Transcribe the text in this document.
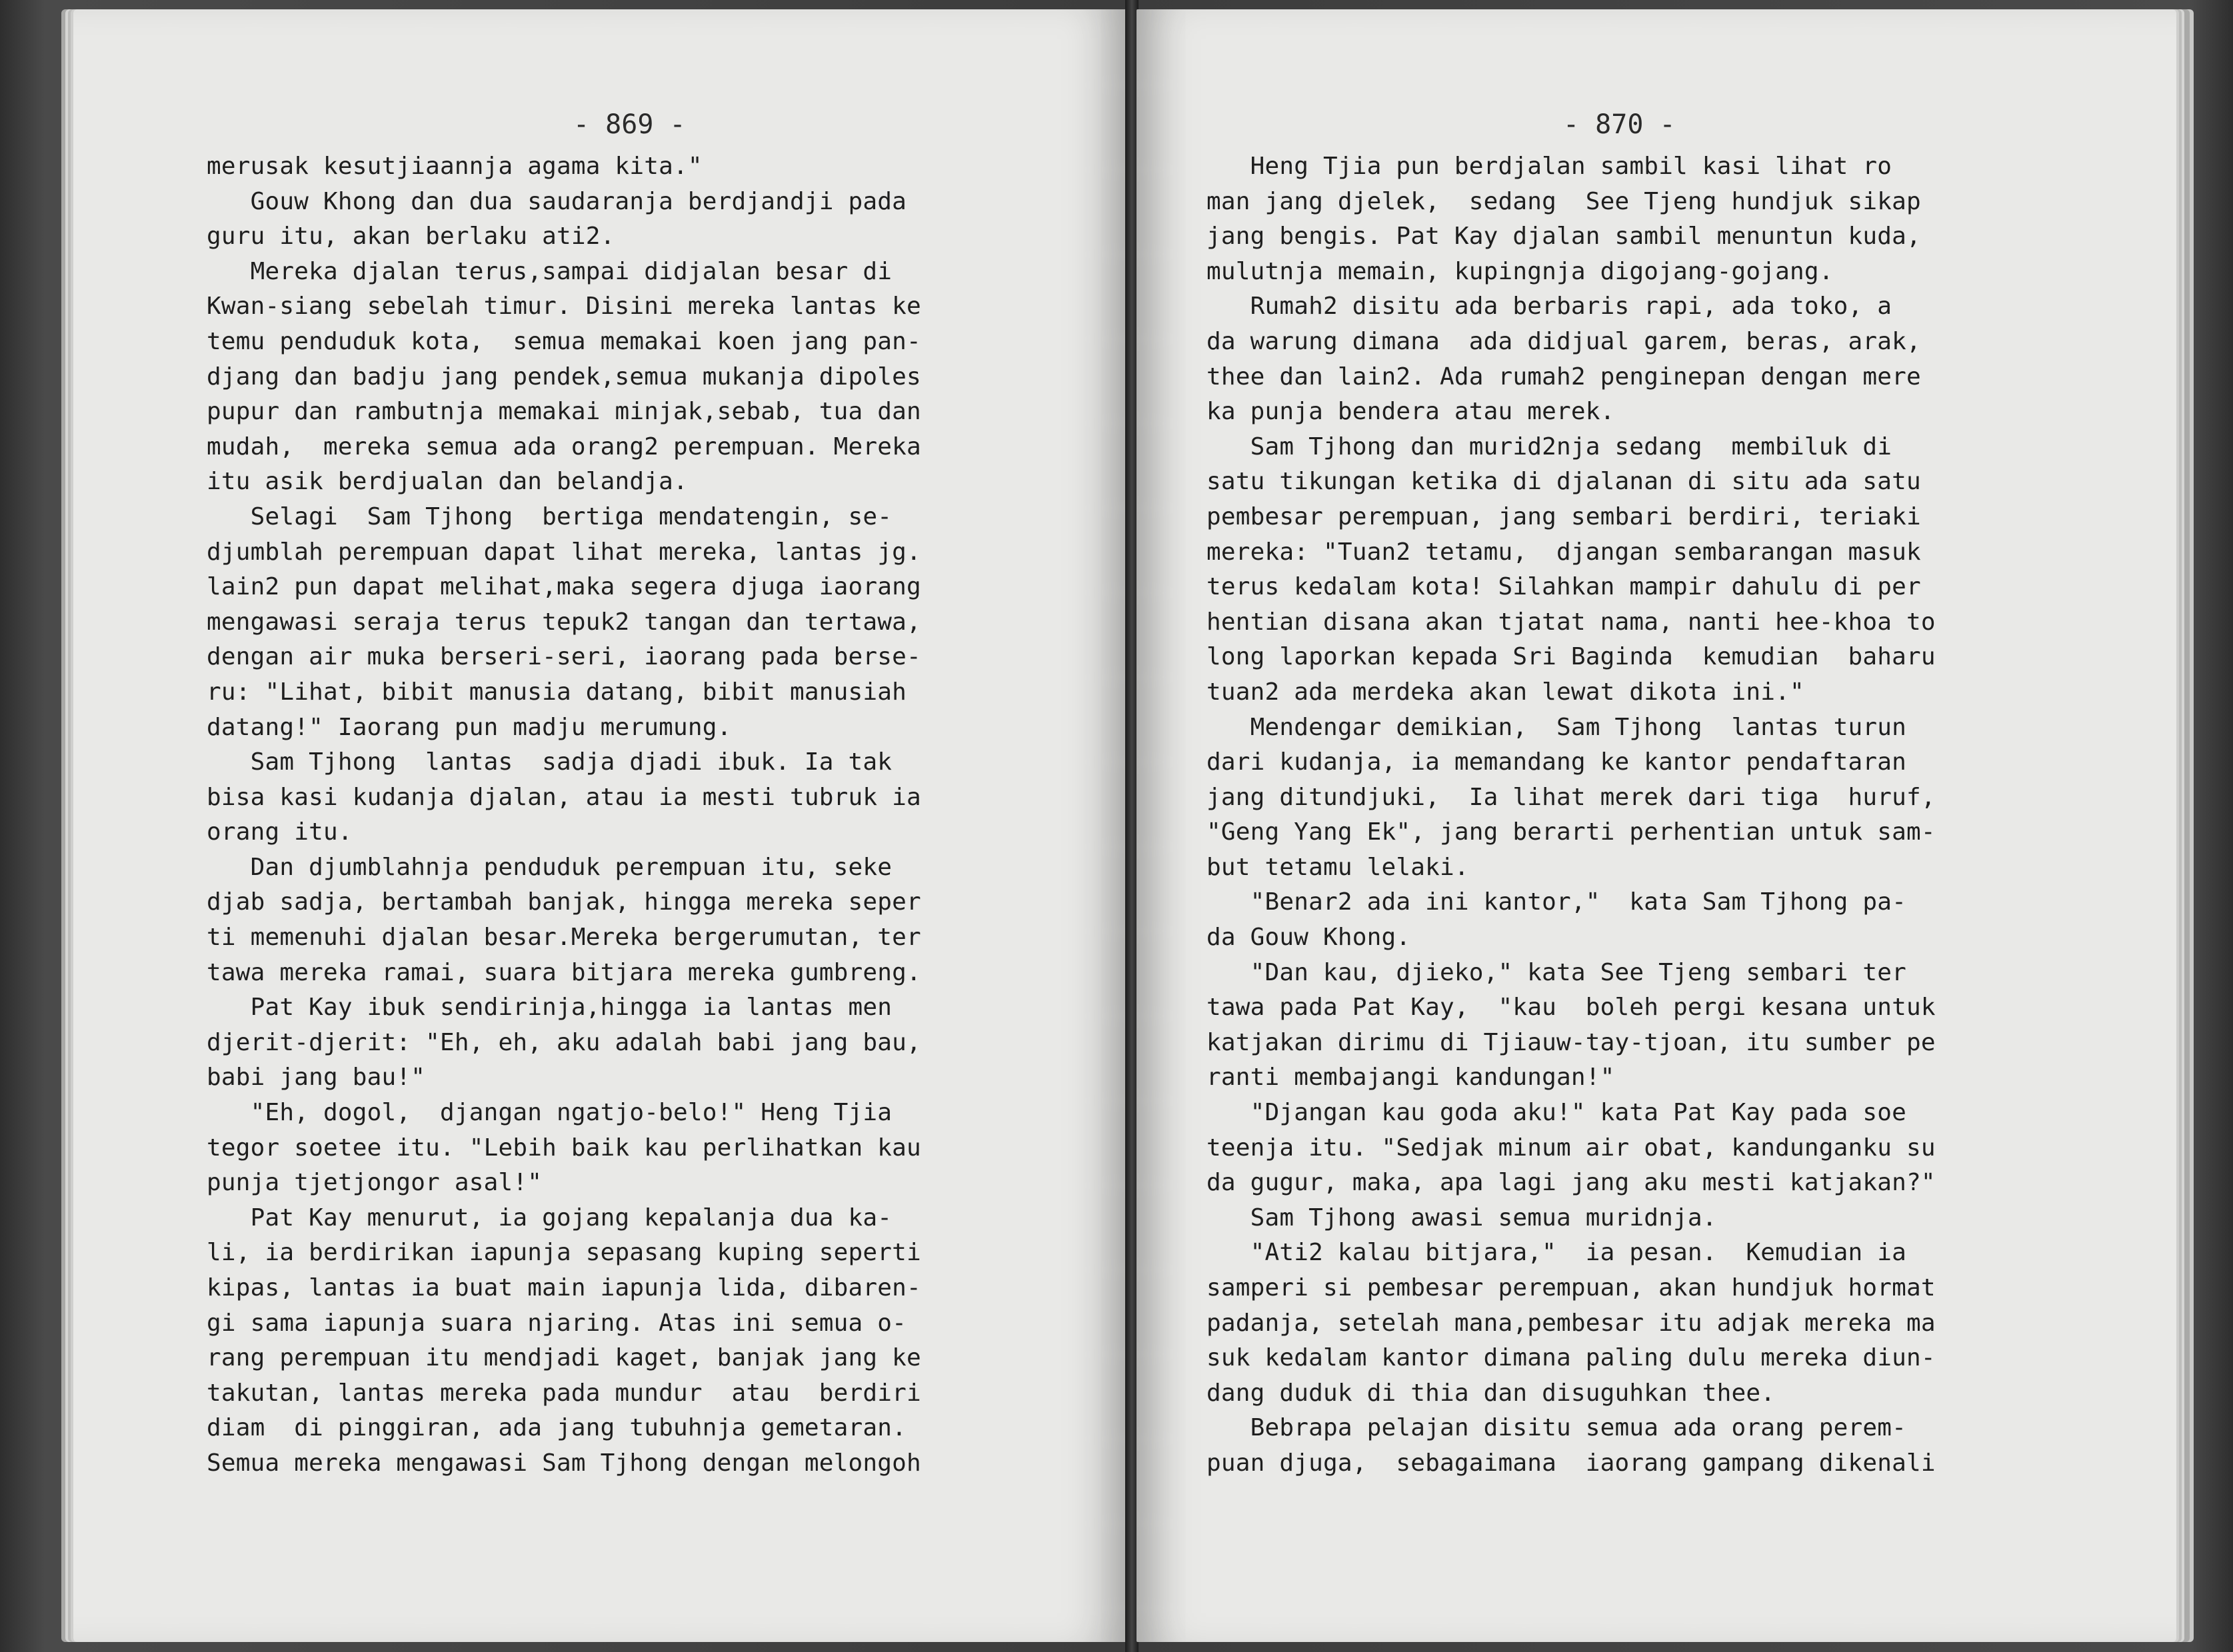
- 869 -
merusak kesutjiaannja agama kita."
Gouw Khong dan dua saudaranja berdjandji pada
guru itu, akan berlaku ati2.
Mereka djalan terus,sampai didjalan besar di
Kwan-siang sebelah timur. Disini mereka lantas ke
temu penduduk kota,  semua memakai koen jang pan-
djang dan badju jang pendek,semua mukanja dipoles
pupur dan rambutnja memakai minjak,sebab, tua dan
mudah,  mereka semua ada orang2 perempuan. Mereka
itu asik berdjualan dan belandja.
Selagi  Sam Tjhong  bertiga mendatengin, se-
djumblah perempuan dapat lihat mereka, lantas jg.
lain2 pun dapat melihat,maka segera djuga iaorang
mengawasi seraja terus tepuk2 tangan dan tertawa,
dengan air muka berseri-seri, iaorang pada berse-
ru: "Lihat, bibit manusia datang, bibit manusiah
datang!" Iaorang pun madju merumung.
Sam Tjhong  lantas  sadja djadi ibuk. Ia tak
bisa kasi kudanja djalan, atau ia mesti tubruk ia
orang itu.
Dan djumblahnja penduduk perempuan itu, seke
djab sadja, bertambah banjak, hingga mereka seper
ti memenuhi djalan besar.Mereka bergerumutan, ter
tawa mereka ramai, suara bitjara mereka gumbreng.
Pat Kay ibuk sendirinja,hingga ia lantas men
djerit-djerit: "Eh, eh, aku adalah babi jang bau,
babi jang bau!"
"Eh, dogol,  djangan ngatjo-belo!" Heng Tjia
tegor soetee itu. "Lebih baik kau perlihatkan kau
punja tjetjongor asal!"
Pat Kay menurut, ia gojang kepalanja dua ka-
li, ia berdirikan iapunja sepasang kuping seperti
kipas, lantas ia buat main iapunja lida, dibaren-
gi sama iapunja suara njaring. Atas ini semua o-
rang perempuan itu mendjadi kaget, banjak jang ke
takutan, lantas mereka pada mundur  atau  berdiri
diam  di pinggiran, ada jang tubuhnja gemetaran.
Semua mereka mengawasi Sam Tjhong dengan melongoh
- 870 -
Heng Tjia pun berdjalan sambil kasi lihat ro
man jang djelek,  sedang  See Tjeng hundjuk sikap
jang bengis. Pat Kay djalan sambil menuntun kuda,
mulutnja memain, kupingnja digojang-gojang.
Rumah2 disitu ada berbaris rapi, ada toko, a
da warung dimana  ada didjual garem, beras, arak,
thee dan lain2. Ada rumah2 penginepan dengan mere
ka punja bendera atau merek.
Sam Tjhong dan murid2nja sedang  membiluk di
satu tikungan ketika di djalanan di situ ada satu
pembesar perempuan, jang sembari berdiri, teriaki
mereka: "Tuan2 tetamu,  djangan sembarangan masuk
terus kedalam kota! Silahkan mampir dahulu di per
hentian disana akan tjatat nama, nanti hee-khoa to
long laporkan kepada Sri Baginda  kemudian  baharu
tuan2 ada merdeka akan lewat dikota ini."
Mendengar demikian,  Sam Tjhong  lantas turun
dari kudanja, ia memandang ke kantor pendaftaran
jang ditundjuki,  Ia lihat merek dari tiga  huruf,
"Geng Yang Ek", jang berarti perhentian untuk sam-
but tetamu lelaki.
"Benar2 ada ini kantor,"  kata Sam Tjhong pa-
da Gouw Khong.
"Dan kau, djieko," kata See Tjeng sembari ter
tawa pada Pat Kay,  "kau  boleh pergi kesana untuk
katjakan dirimu di Tjiauw-tay-tjoan, itu sumber pe
ranti membajangi kandungan!"
"Djangan kau goda aku!" kata Pat Kay pada soe
teenja itu. "Sedjak minum air obat, kandunganku su
da gugur, maka, apa lagi jang aku mesti katjakan?"
Sam Tjhong awasi semua muridnja.
"Ati2 kalau bitjara,"  ia pesan.  Kemudian ia
samperi si pembesar perempuan, akan hundjuk hormat
padanja, setelah mana,pembesar itu adjak mereka ma
suk kedalam kantor dimana paling dulu mereka diun-
dang duduk di thia dan disuguhkan thee.
Bebrapa pelajan disitu semua ada orang perem-
puan djuga,  sebagaimana  iaorang gampang dikenali
